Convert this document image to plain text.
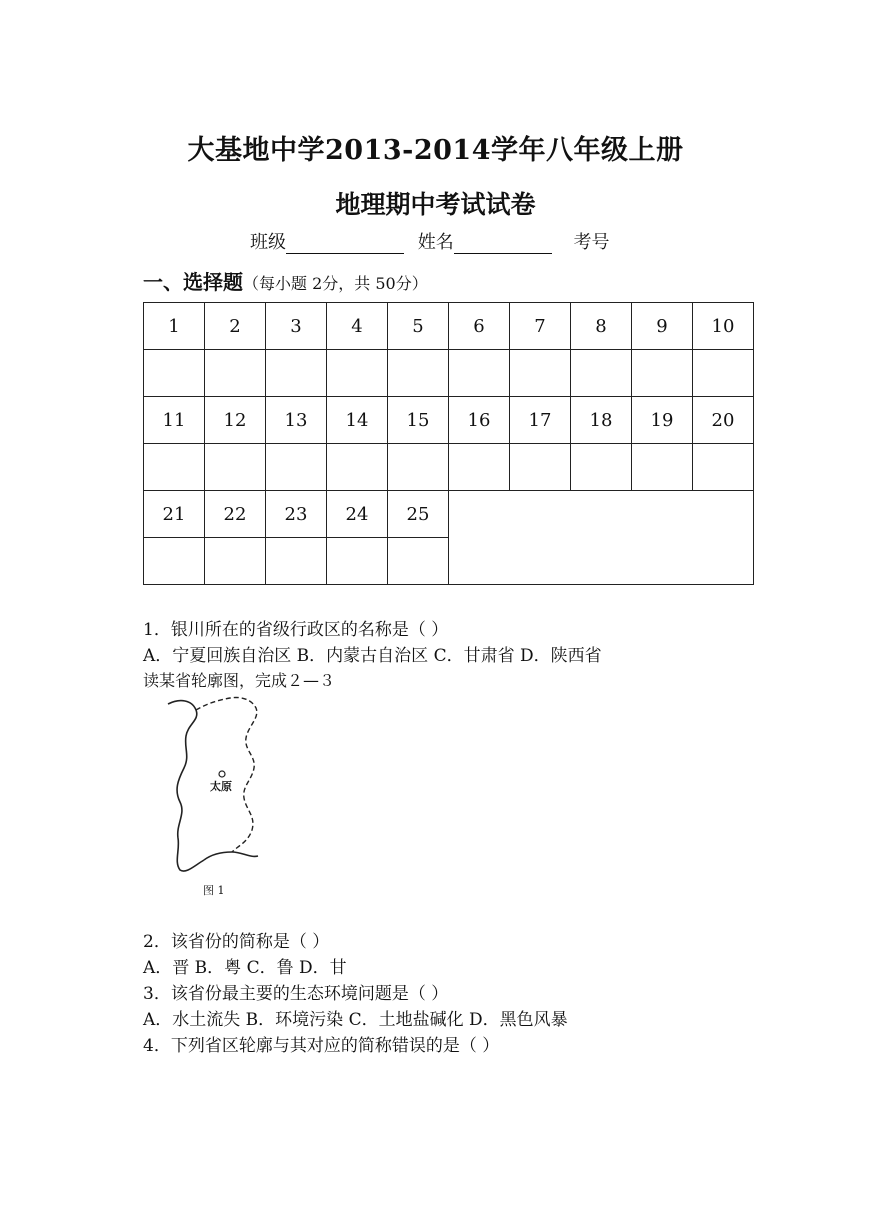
大基地中学2013-2014学年八年级上册
地理期中考试试卷
班级	姓名	考号
一、选择题（每小题 2分，共 50分）
1	2	3	4	5	6	7	8	9	10

11	12	13	14	15	16	17	18	19	20

21	22	23	24	25					

1．银川所在的省级行政区的名称是（ ）
A．宁夏回族自治区 B．内蒙古自治区 C．甘肃省 D．陕西省
读某省轮廓图，完成２—３
太原
图 1
2．该省份的简称是（ ）
A．晋 B．粤 C．鲁 D．甘
3．该省份最主要的生态环境问题是（ ）
A．水土流失 B．环境污染 C．土地盐碱化 D．黑色风暴
4．下列省区轮廓与其对应的简称错误的是（ ）
